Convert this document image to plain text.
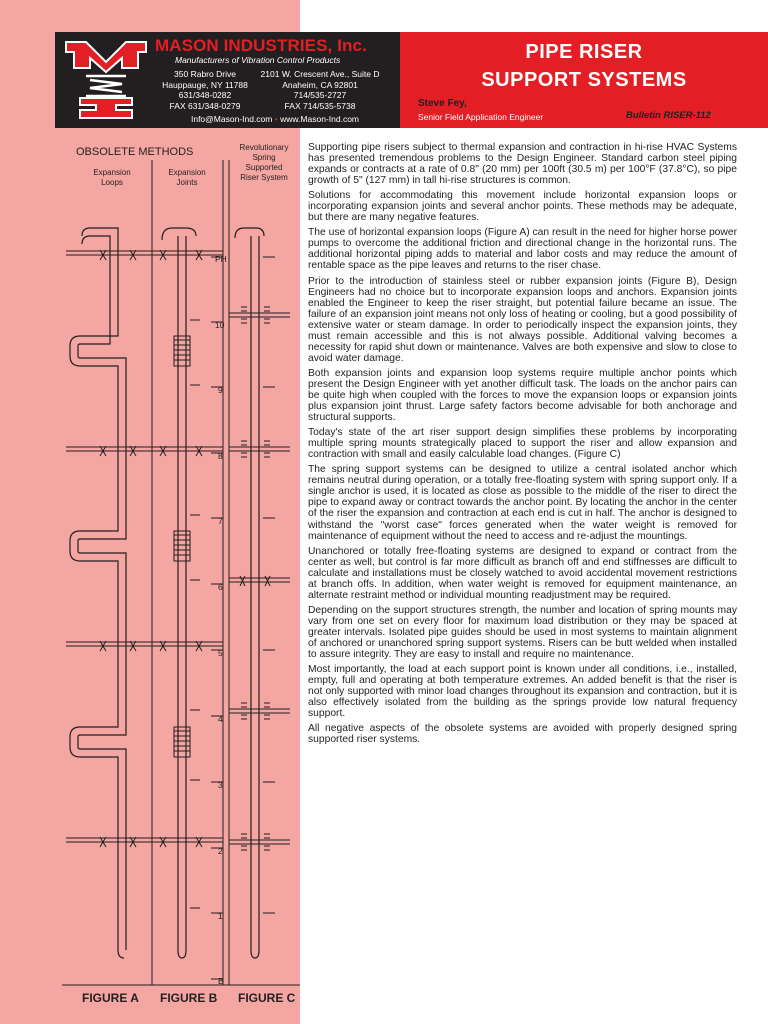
MASON INDUSTRIES, Inc.
Manufacturers of Vibration Control Products
350 Rabro Drive
Hauppauge, NY 11788
631/348-0282
FAX 631/348-0279
2101 W. Crescent Ave., Suite D
Anaheim, CA 92801
714/535-2727
FAX 714/535-5738
Info@Mason-Ind.com • www.Mason-Ind.com
PIPE RISER
SUPPORT SYSTEMS
Steve Fey,
Senior Field Application Engineer	Bulletin RISER-112
OBSOLETE METHODS	Revolutionary
Spring
Supported
Riser System
Expansion
Loops
Expansion
Joints
PH
10
9
8
7
6
5
4
3
2
1
B
FIGURE A FIGURE B FIGURE C

Supporting pipe risers subject to thermal expansion and contraction in hi-rise HVAC Systems has presented tremendous problems to the Design Engineer. Standard carbon steel piping expands or contracts at a rate of 0.8" (20 mm) per 100ft (30.5 m) per 100°F (37.8°C), so pipe growth of 5" (127 mm) in tall hi-rise structures is common.

Solutions for accommodating this movement include horizontal expansion loops or incorporating expansion joints and several anchor points. These methods may be adequate, but there are many negative features.

The use of horizontal expansion loops (Figure A) can result in the need for higher horse power pumps to overcome the additional friction and directional change in the horizontal runs. The additional horizontal piping adds to material and labor costs and may reduce the amount of rentable space as the pipe leaves and returns to the riser chase.

Prior to the introduction of stainless steel or rubber expansion joints (Figure B), Design Engineers had no choice but to incorporate expansion loops and anchors. Expansion joints enabled the Engineer to keep the riser straight, but potential failure became an issue. The failure of an expansion joint means not only loss of heating or cooling, but a good possibility of extensive water or steam damage. In order to periodically inspect the expansion joints, they must remain accessible and this is not always possible. Additional valving becomes a necessity for rapid shut down or maintenance. Valves are both expensive and slow to close to avoid water damage.

Both expansion joints and expansion loop systems require multiple anchor points which present the Design Engineer with yet another difficult task. The loads on the anchor pairs can be quite high when coupled with the forces to move the expansion loops or expansion joints plus expansion joint thrust. Large safety factors become advisable for both anchorage and structural supports.

Today's state of the art riser support design simplifies these problems by incorporating multiple spring mounts strategically placed to support the riser and allow expansion and contraction with small and easily calculable load changes. (Figure C)

The spring support systems can be designed to utilize a central isolated anchor which remains neutral during operation, or a totally free-floating system with spring support only. If a single anchor is used, it is located as close as possible to the middle of the riser to direct the pipe to expand away or contract towards the anchor point. By locating the anchor in the center of the riser the expansion and contraction at each end is cut in half. The anchor is designed to withstand the "worst case" forces generated when the water weight is removed for maintenance of equipment without the need to access and re-adjust the mountings.

Unanchored or totally free-floating systems are designed to expand or contract from the center as well, but control is far more difficult as branch off and end stiffnesses are difficult to calculate and installations must be closely watched to avoid accidental movement restrictions at branch offs. In addition, when water weight is removed for equipment maintenance, an alternate restraint method or individual mounting readjustment may be required.

Depending on the support structures strength, the number and location of spring mounts may vary from one set on every floor for maximum load distribution or they may be spaced at greater intervals. Isolated pipe guides should be used in most systems to maintain alignment of anchored or unanchored spring support systems. Risers can be butt welded when installed to assure integrity. They are easy to install and require no maintenance.

Most importantly, the load at each support point is known under all conditions, i.e., installed, empty, full and operating at both temperature extremes. An added benefit is that the riser is not only supported with minor load changes throughout its expansion and contraction, but it is also effectively isolated from the building as the springs provide low natural frequency support.

All negative aspects of the obsolete systems are avoided with properly designed spring supported riser systems.
